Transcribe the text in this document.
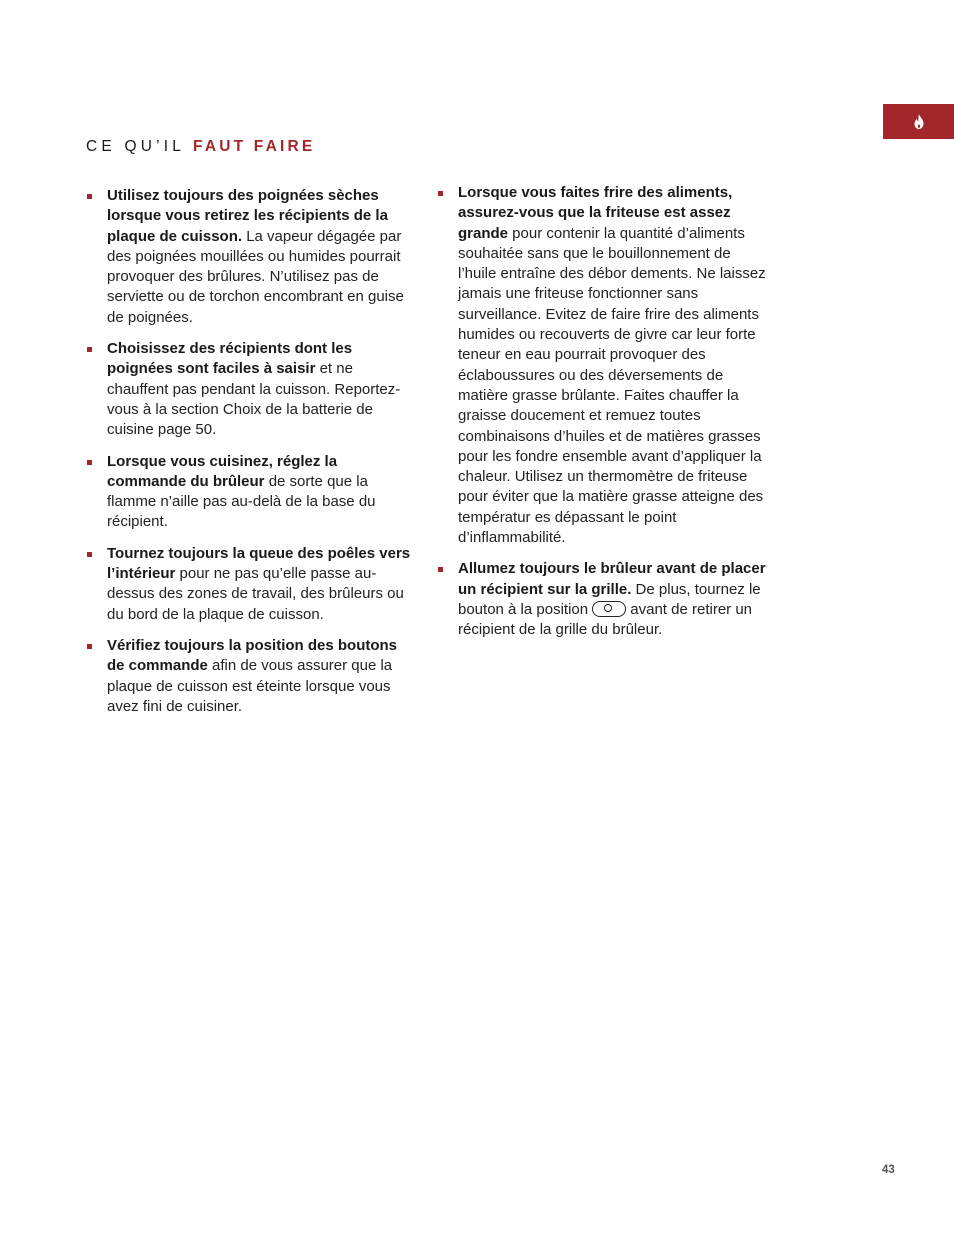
CE QU’IL FAUT FAIRE
Utilisez toujours des poignées sèches lorsque vous retirez les récipients de la plaque de cuisson. La vapeur dégagée par des poignées mouillées ou humides pourrait provoquer des brûlures. N’utilisez pas de serviette ou de torchon encombrant en guise de poignées.
Choisissez des récipients dont les poignées sont faciles à saisir et ne chauffent pas pendant la cuisson. Reportez-vous à la section Choix de la batterie de cuisine page 50.
Lorsque vous cuisinez, réglez la commande du brûleur de sorte que la flamme n’aille pas au-delà de la base du récipient.
Tournez toujours la queue des poêles vers l’intérieur pour ne pas qu’elle passe au-dessus des zones de travail, des brûleurs ou du bord de la plaque de cuisson.
Vérifiez toujours la position des boutons de commande afin de vous assurer que la plaque de cuisson est éteinte lorsque vous avez fini de cuisiner.
Lorsque vous faites frire des aliments, assurez-vous que la friteuse est assez grande pour contenir la quantité d’aliments souhaitée sans que le bouillonnement de l’huile entraîne des débor dements. Ne laissez jamais une friteuse fonctionner sans surveillance. Evitez de faire frire des aliments humides ou recouverts de givre car leur forte teneur en eau pourrait provoquer des éclaboussures ou des déversements de matière grasse brûlante. Faites chauffer la graisse doucement et remuez toutes combinaisons d’huiles et de matières grasses pour les fondre ensemble avant d’appliquer la chaleur. Utilisez un thermomètre de friteuse pour éviter que la matière grasse atteigne des températur es dépassant le point d’inflammabilité.
Allumez toujours le brûleur avant de placer un récipient sur la grille. De plus, tournez le bouton à la position	avant de retirer un récipient de la grille du brûleur.
43
